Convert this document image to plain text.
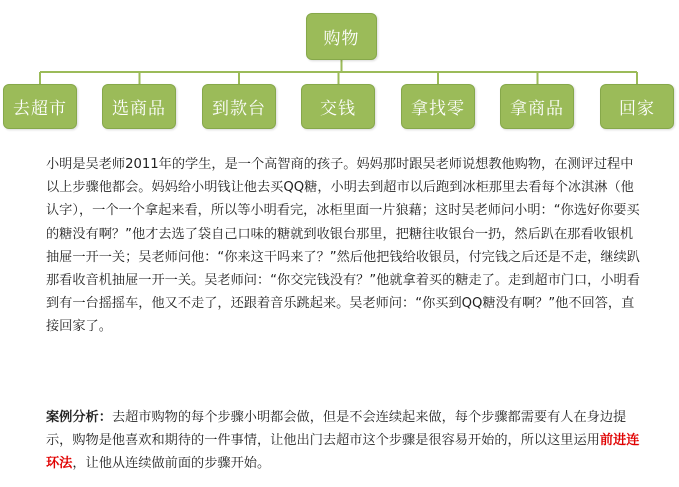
购物
去超市	选商品	到款台	交钱	拿找零	拿商品	回家

小明是吴老师2011年的学生，是一个高智商的孩子。妈妈那时跟吴老师说想教他购物，在测评过程中以上步骤他都会。妈妈给小明钱让他去买QQ糖，小明去到超市以后跑到冰柜那里去看每个冰淇淋（他认字），一个一个拿起来看，所以等小明看完，冰柜里面一片狼藉；这时吴老师问小明：“你选好你要买的糖没有啊？”他才去选了袋自己口味的糖就到收银台那里，把糖往收银台一扔，然后趴在那看收银机抽屉一开一关；吴老师问他：“你来这干吗来了？”然后他把钱给收银员，付完钱之后还是不走，继续趴那看收音机抽屉一开一关。吴老师问：“你交完钱没有？”他就拿着买的糖走了。走到超市门口，小明看到有一台摇摇车，他又不走了，还跟着音乐跳起来。吴老师问：“你买到QQ糖没有啊？”他不回答，直接回家了。

案例分析：去超市购物的每个步骤小明都会做，但是不会连续起来做，每个步骤都需要有人在身边提示，购物是他喜欢和期待的一件事情，让他出门去超市这个步骤是很容易开始的，所以这里运用前进连环法，让他从连续做前面的步骤开始。
